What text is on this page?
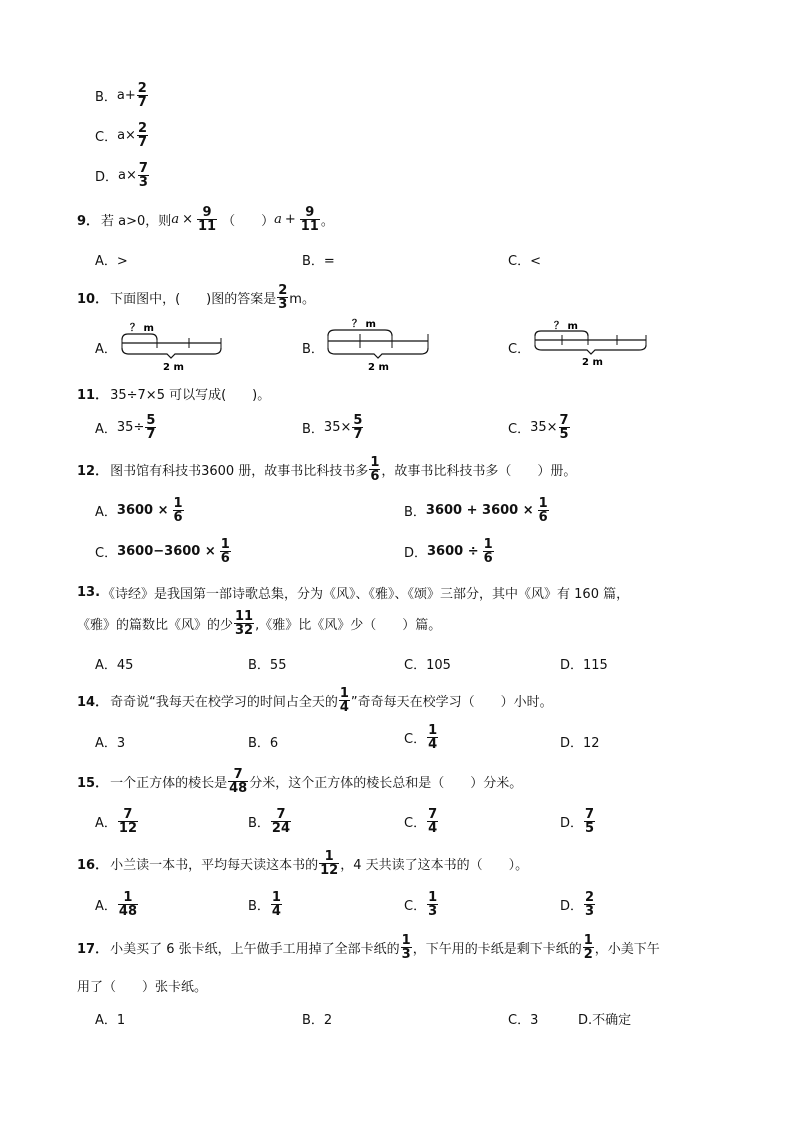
B． $a+ \frac{2}{7}$
C． $a\times \frac{2}{7}$
D． $a\times \frac{7}{3}$
9． 若 a>0，则 $a \times \frac{9}{11}$ （　　） $a + \frac{9}{11}$ 。
A．>	B．=	C．<
10． 下面图中，(　　)图的答案是 $\frac{2}{3}$ m。
A．
？ m
2 m
B．
？ m
2 m
C．
？ m
2 m
11． 35÷7×5 可以写成(　　)。
A． $35\div \frac{5}{7}$	B． $35\times \frac{5}{7}$	C． $35\times \frac{7}{5}$
12． 图书馆有科技书3600 册，故事书比科技书多 $\frac{1}{6}$ ，故事书比科技书多（　　）册。
A． $3600 \times \frac{1}{6}$	B． $3600 + 3600 \times \frac{1}{6}$
C． $3600-3600 \times \frac{1}{6}$	D． $3600 \div \frac{1}{6}$
13. 《诗经》是我国第一部诗歌总集，分为《风》、《雅》、《颂》三部分，其中《风》有 160 篇，
《雅》的篇数比《风》的少 $\frac{11}{32}$ ,《雅》比《风》少（　　）篇。
A．45	B．55	C．105	D．115
14． 奇奇说“我每天在校学习的时间占全天的 $\frac{1}{4}$ ”奇奇每天在校学习（　　）小时。
A．3	B．6	C． $\frac{1}{4}$	D．12
15． 一个正方体的棱长是 $\frac{7}{48}$ 分米，这个正方体的棱长总和是（　　）分米。
A． $\frac{7}{12}$	B． $\frac{7}{24}$	C． $\frac{7}{4}$	D． $\frac{7}{5}$
16． 小兰读一本书，平均每天读这本书的 $\frac{1}{12}$ ，4 天共读了这本书的（　　）。
A． $\frac{1}{48}$	B． $\frac{1}{4}$	C． $\frac{1}{3}$	D． $\frac{2}{3}$
17． 小美买了 6 张卡纸，上午做手工用掉了全部卡纸的 $\frac{1}{3}$ ，下午用的卡纸是剩下卡纸的 $\frac{1}{2}$ ，小美下午
用了（　　）张卡纸。
A．1	B．2	C．3	D.不确定
